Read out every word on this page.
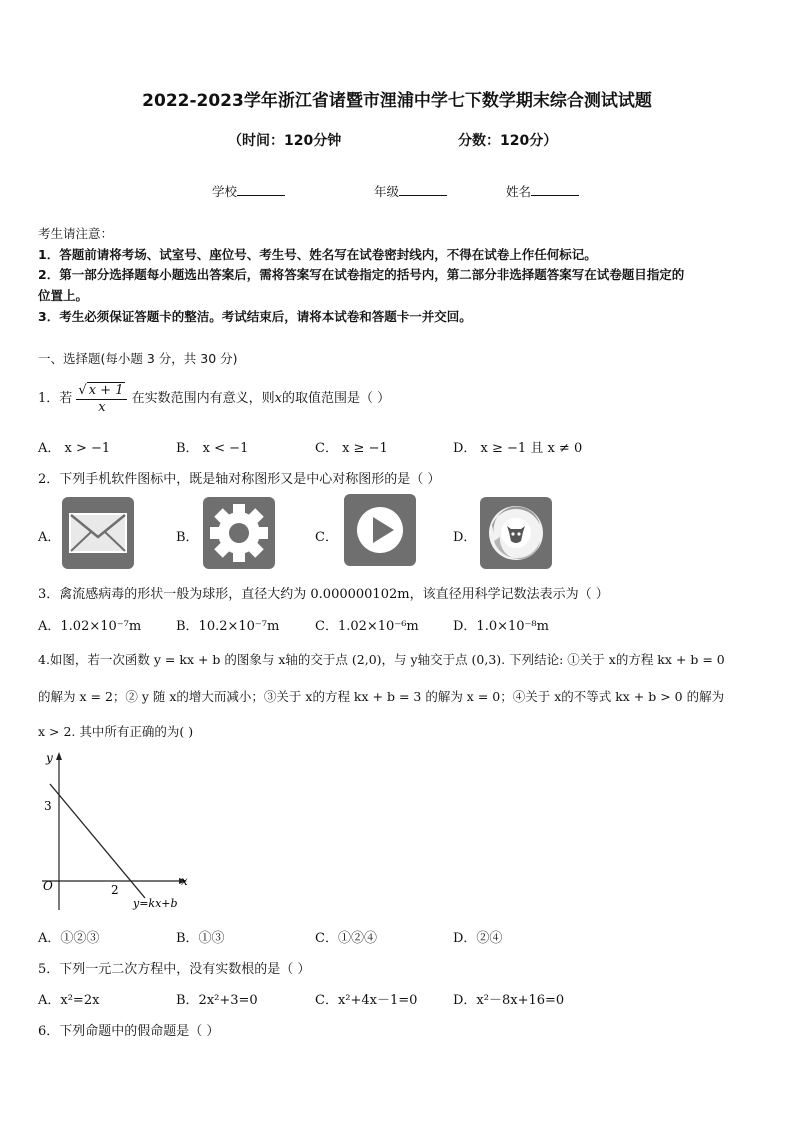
2022-2023学年浙江省诸暨市浬浦中学七下数学期末综合测试试题
（时间：120分钟	分数：120分）
学校	年级	姓名
考生请注意：
1．答题前请将考场、试室号、座位号、考生号、姓名写在试卷密封线内，不得在试卷上作任何标记。
2．第一部分选择题每小题选出答案后，需将答案写在试卷指定的括号内，第二部分非选择题答案写在试卷题目指定的
位置上。
3．考生必须保证答题卡的整洁。考试结束后，请将本试卷和答题卡一并交回。
一、选择题(每小题 3 分，共 30 分)
1．若 $\frac{√ x + 1}{x}$ 在实数范围内有意义，则x的取值范围是（ ）
A． x > −1	B． x < −1	C． x ≥ −1	D． x ≥ −1 且 x ≠ 0
2．下列手机软件图标中，既是轴对称图形又是中心对称图形的是（ ）
A．	B．	C．	D．
3．禽流感病毒的形状一般为球形，直径大约为 0.000000102m，该直径用科学记数法表示为（ ）
A．1.02×10⁻⁷m	B．10.2×10⁻⁷m	C．1.02×10⁻⁶m	D．1.0×10⁻⁸m
4.如图，若一次函数 y = kx + b 的图象与 x轴的交于点 (2,0)，与 y轴交于点 (0,3). 下列结论: ①关于 x的方程 kx + b = 0
的解为 x = 2；② y 随 x的增大而减小；③关于 x的方程 kx + b = 3 的解为 x = 0；④关于 x的不等式 kx + b > 0 的解为
x > 2. 其中所有正确的为( )
y
x
O
3
2
y=kx+b
A．①②③	B．①③	C．①②④	D．②④
5．下列一元二次方程中，没有实数根的是（ ）
A．x²=2x	B．2x²+3=0	C．x²+4x－1=0	D．x²－8x+16=0
6．下列命题中的假命题是（ ）
